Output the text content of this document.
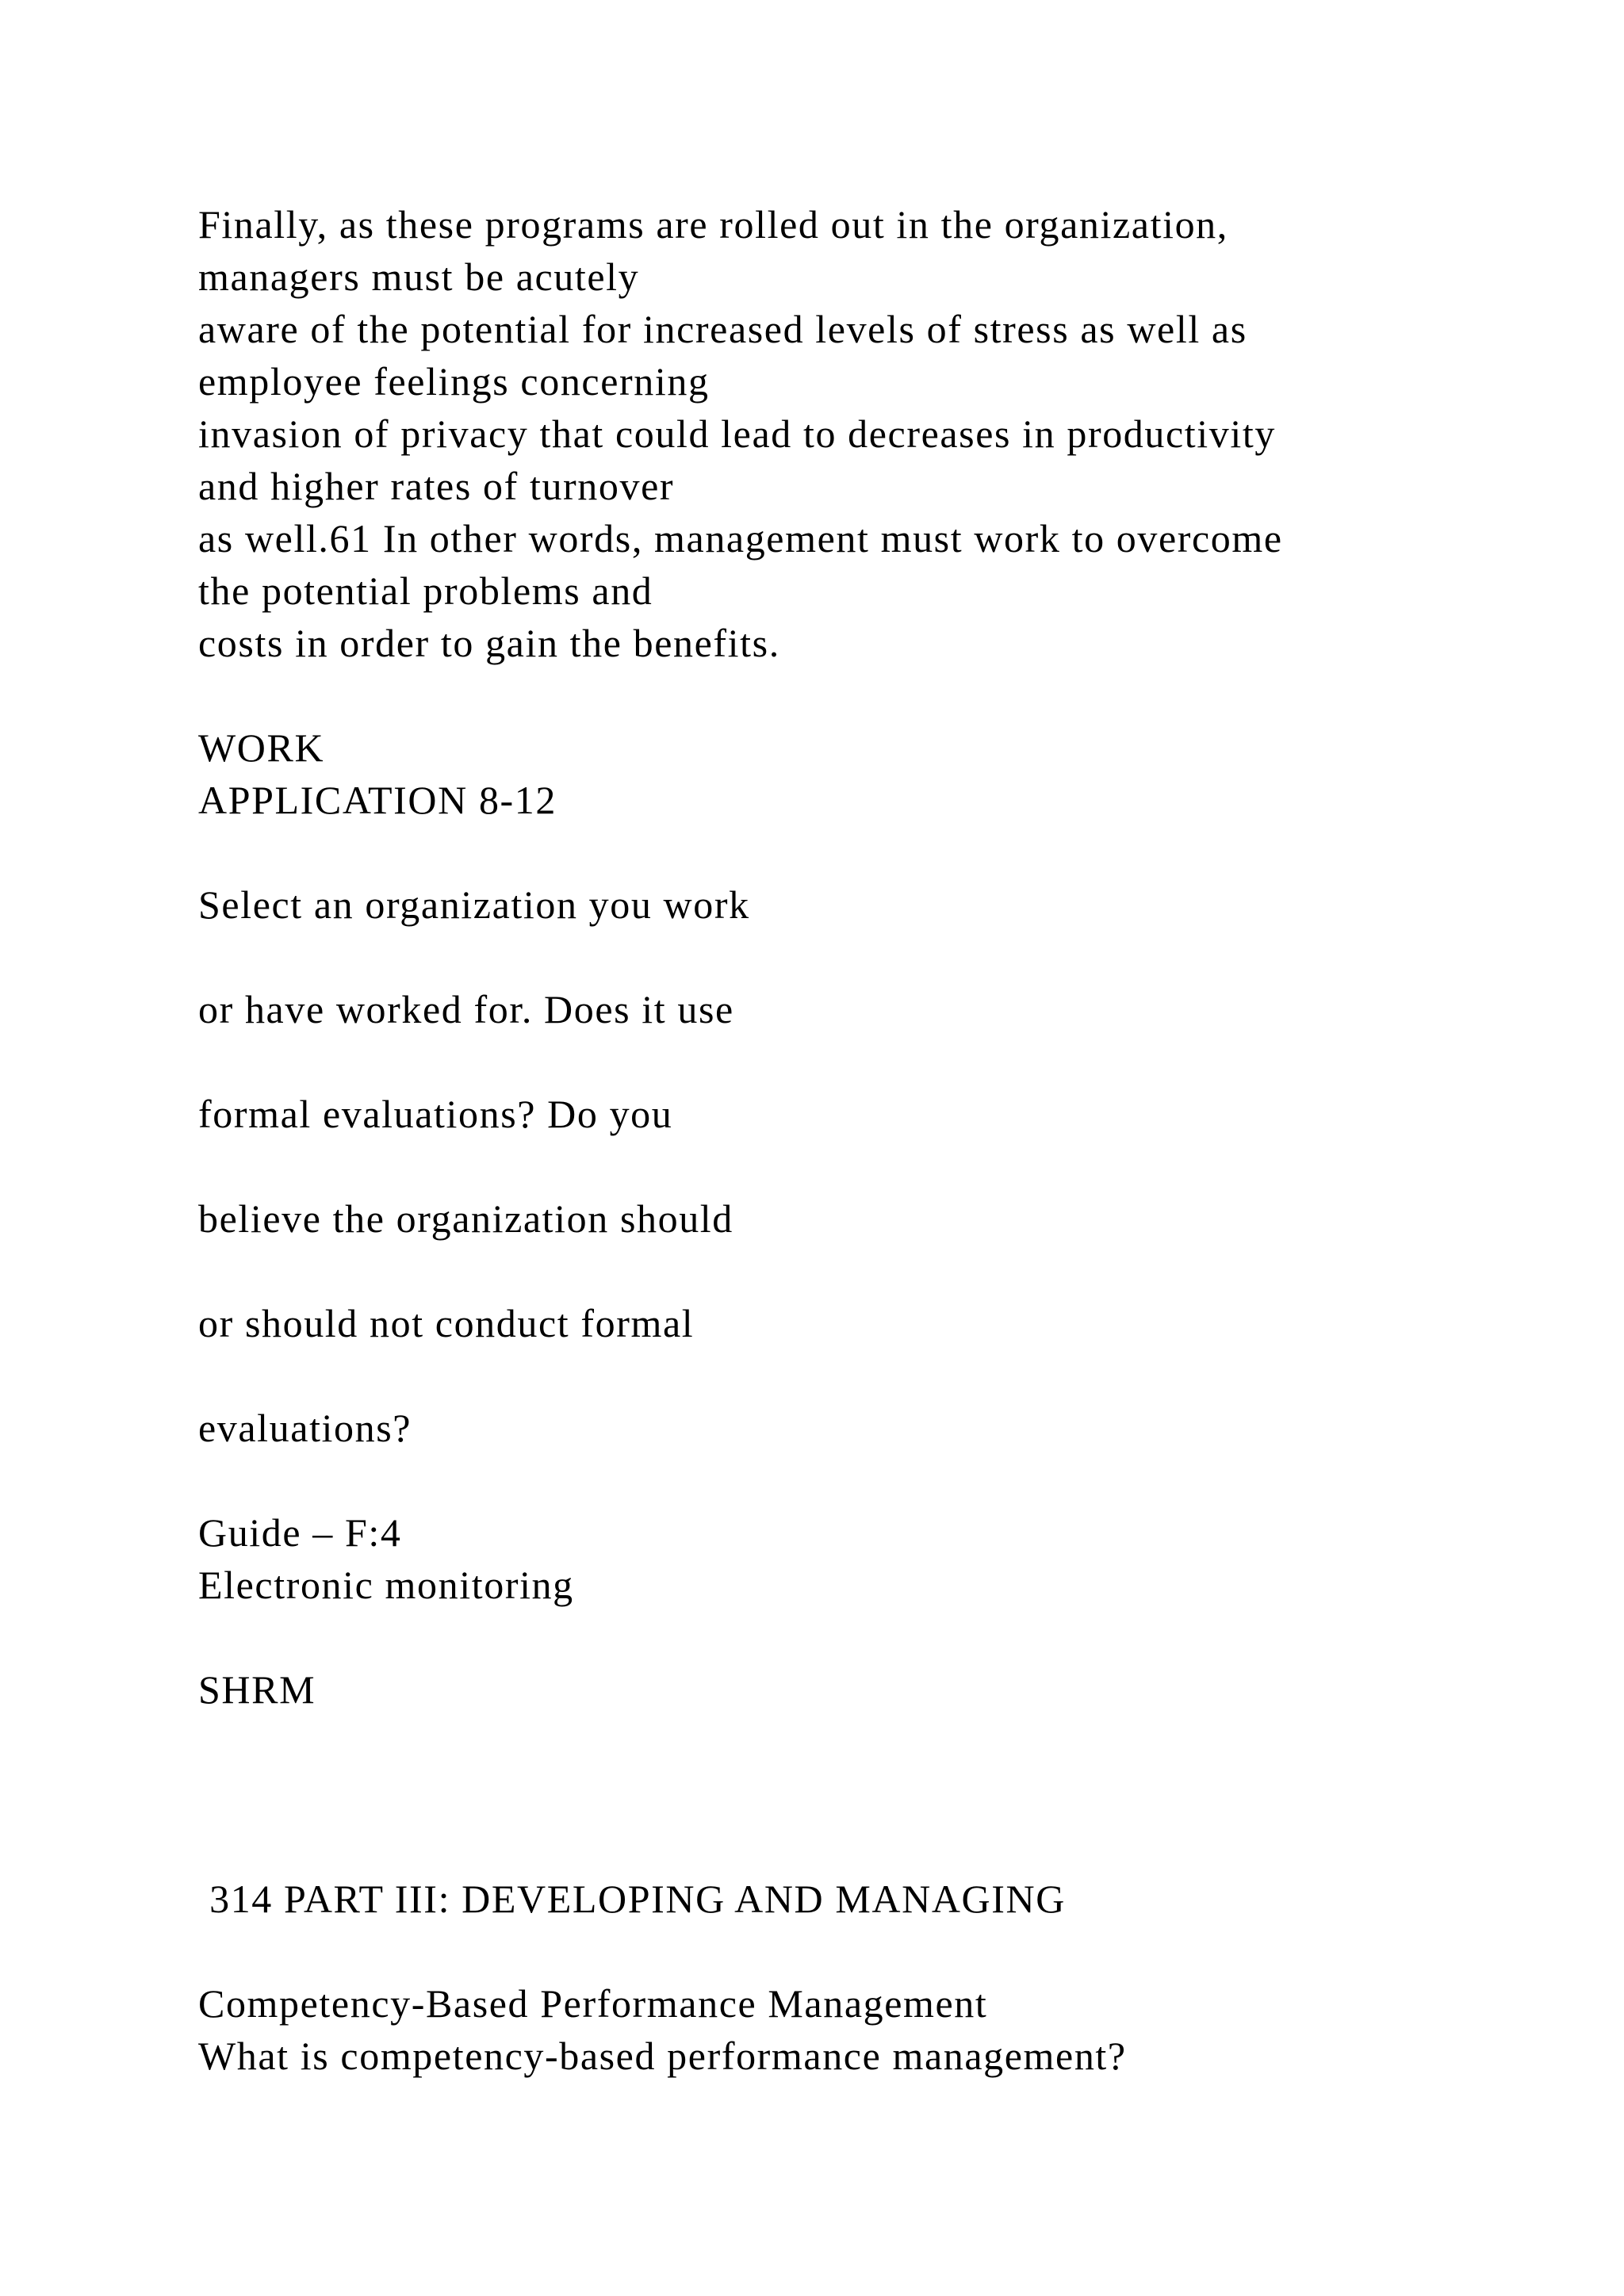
Finally, as these programs are rolled out in the organization,

managers must be acutely

aware of the potential for increased levels of stress as well as

employee feelings concerning

invasion of privacy that could lead to decreases in productivity

and higher rates of turnover

as well.61 In other words, management must work to overcome

the potential problems and

costs in order to gain the benefits.

WORK

APPLICATION 8-12

Select an organization you work

or have worked for. Does it use

formal evaluations? Do you

believe the organization should

or should not conduct formal

evaluations?

Guide – F:4

Electronic monitoring

SHRM

314 PART III: DEVELOPING AND MANAGING

Competency-Based Performance Management

What is competency-based performance management?
